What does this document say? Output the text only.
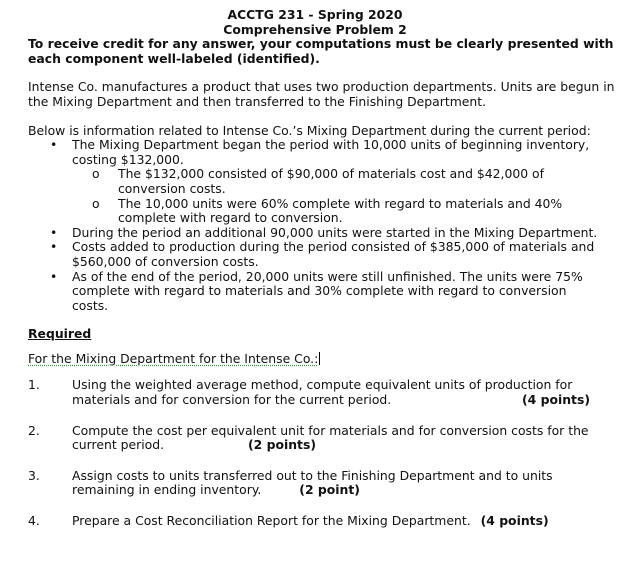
ACCTG 231 - Spring 2020
Comprehensive Problem 2
To receive credit for any answer, your computations must be clearly presented with each component well-labeled (identified).
Intense Co. manufactures a product that uses two production departments. Units are begun in the Mixing Department and then transferred to the Finishing Department.
Below is information related to Intense Co.’s Mixing Department during the current period:
• The Mixing Department began the period with 10,000 units of beginning inventory, costing $132,000.
o The $132,000 consisted of $90,000 of materials cost and $42,000 of conversion costs.
o The 10,000 units were 60% complete with regard to materials and 40% complete with regard to conversion.
• During the period an additional 90,000 units were started in the Mixing Department.
• Costs added to production during the period consisted of $385,000 of materials and $560,000 of conversion costs.
• As of the end of the period, 20,000 units were still unfinished. The units were 75% complete with regard to materials and 30% complete with regard to conversion costs.
Required
For the Mixing Department for the Intense Co.:
1.	Using the weighted average method, compute equivalent units of production for materials and for conversion for the current period.	(4 points)
2.	Compute the cost per equivalent unit for materials and for conversion costs for the current period.	(2 points)
3.	Assign costs to units transferred out to the Finishing Department and to units remaining in ending inventory.	(2 point)
4.	Prepare a Cost Reconciliation Report for the Mixing Department. (4 points)
